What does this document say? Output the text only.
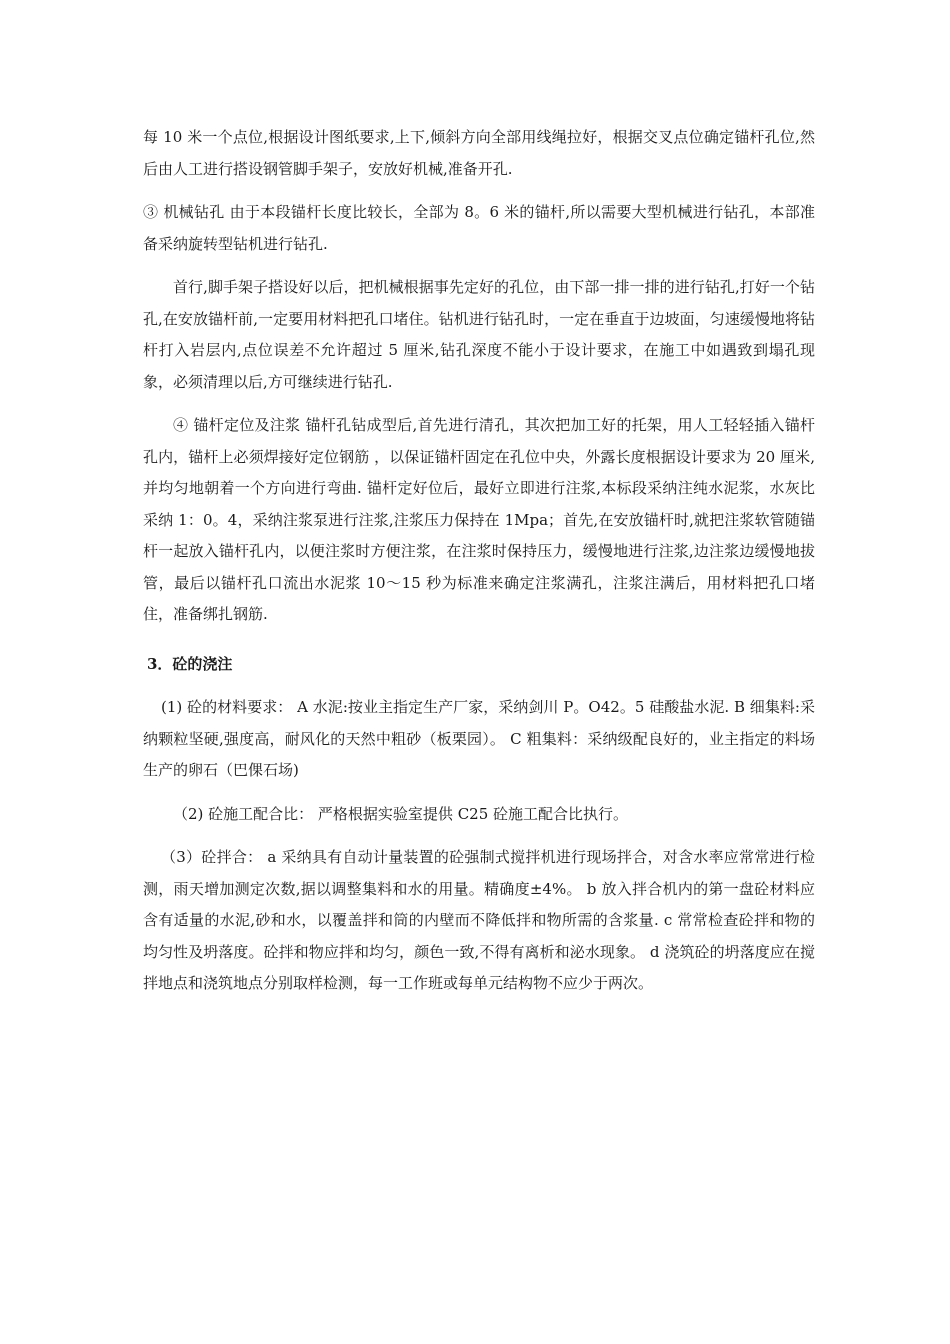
每 10 米一个点位,根据设计图纸要求,上下,倾斜方向全部用线绳拉好，根据交叉点位确定锚杆孔位,然后由人工进行搭设钢管脚手架子，安放好机械,准备开孔.

③ 机械钻孔 由于本段锚杆长度比较长，全部为 8。6 米的锚杆,所以需要大型机械进行钻孔，本部准备采纳旋转型钻机进行钻孔.

首行,脚手架子搭设好以后，把机械根据事先定好的孔位，由下部一排一排的进行钻孔,打好一个钻孔,在安放锚杆前,一定要用材料把孔口堵住。钻机进行钻孔时，一定在垂直于边坡面，匀速缓慢地将钻杆打入岩层内,点位误差不允许超过 5 厘米,钻孔深度不能小于设计要求，在施工中如遇致到塌孔现象，必须清理以后,方可继续进行钻孔.

④ 锚杆定位及注浆 锚杆孔钻成型后,首先进行清孔，其次把加工好的托架，用人工轻轻插入锚杆孔内，锚杆上必须焊接好定位钢筋 ，以保证锚杆固定在孔位中央，外露长度根据设计要求为 20 厘米,并均匀地朝着一个方向进行弯曲. 锚杆定好位后，最好立即进行注浆,本标段采纳注纯水泥浆，水灰比采纳 1：0。4，采纳注浆泵进行注浆,注浆压力保持在 1Mpa；首先,在安放锚杆时,就把注浆软管随锚杆一起放入锚杆孔内，以便注浆时方便注浆，在注浆时保持压力，缓慢地进行注浆,边注浆边缓慢地拔管，最后以锚杆孔口流出水泥浆 10～15 秒为标准来确定注浆满孔，注浆注满后，用材料把孔口堵住，准备绑扎钢筋.

3．砼的浇注

(1) 砼的材料要求： A 水泥:按业主指定生产厂家，采纳剑川 P。O42。5 硅酸盐水泥. B 细集料:采纳颗粒坚硬,强度高，耐风化的天然中粗砂（板栗园）。 C 粗集料：采纳级配良好的，业主指定的料场生产的卵石（巴倮石场)

（2) 砼施工配合比： 严格根据实验室提供 C25 砼施工配合比执行。

（3）砼拌合： a 采纳具有自动计量装置的砼强制式搅拌机进行现场拌合，对含水率应常常进行检测，雨天增加测定次数,据以调整集料和水的用量。精确度±4%。 b 放入拌合机内的第一盘砼材料应含有适量的水泥,砂和水，以覆盖拌和筒的内壁而不降低拌和物所需的含浆量. c 常常检查砼拌和物的均匀性及坍落度。砼拌和物应拌和均匀，颜色一致,不得有离析和泌水现象。 d 浇筑砼的坍落度应在搅拌地点和浇筑地点分别取样检测，每一工作班或每单元结构物不应少于两次。
